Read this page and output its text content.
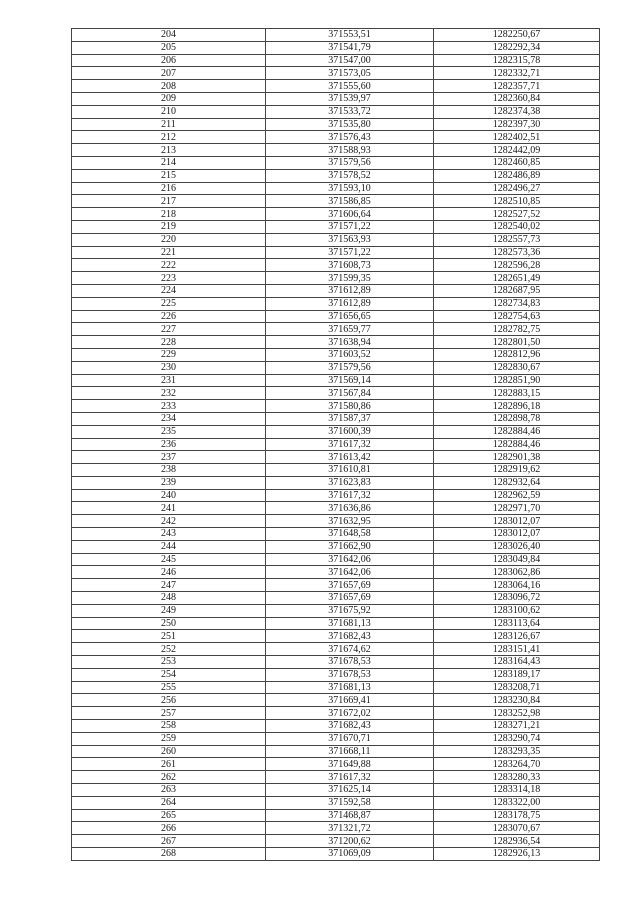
204	371553,51	1282250,67
205	371541,79	1282292,34
206	371547,00	1282315,78
207	371573,05	1282332,71
208	371555,60	1282357,71
209	371539,97	1282360,84
210	371533,72	1282374,38
211	371535,80	1282397,30
212	371576,43	1282402,51
213	371588,93	1282442,09
214	371579,56	1282460,85
215	371578,52	1282486,89
216	371593,10	1282496,27
217	371586,85	1282510,85
218	371606,64	1282527,52
219	371571,22	1282540,02
220	371563,93	1282557,73
221	371571,22	1282573,36
222	371608,73	1282596,28
223	371599,35	1282651,49
224	371612,89	1282687,95
225	371612,89	1282734,83
226	371656,65	1282754,63
227	371659,77	1282782,75
228	371638,94	1282801,50
229	371603,52	1282812,96
230	371579,56	1282830,67
231	371569,14	1282851,90
232	371567,84	1282883,15
233	371580,86	1282896,18
234	371587,37	1282898,78
235	371600,39	1282884,46
236	371617,32	1282884,46
237	371613,42	1282901,38
238	371610,81	1282919,62
239	371623,83	1282932,64
240	371617,32	1282962,59
241	371636,86	1282971,70
242	371632,95	1283012,07
243	371648,58	1283012,07
244	371662,90	1283026,40
245	371642,06	1283049,84
246	371642,06	1283062,86
247	371657,69	1283064,16
248	371657,69	1283096,72
249	371675,92	1283100,62
250	371681,13	1283113,64
251	371682,43	1283126,67
252	371674,62	1283151,41
253	371678,53	1283164,43
254	371678,53	1283189,17
255	371681,13	1283208,71
256	371669,41	1283230,84
257	371672,02	1283252,98
258	371682,43	1283271,21
259	371670,71	1283290,74
260	371668,11	1283293,35
261	371649,88	1283264,70
262	371617,32	1283280,33
263	371625,14	1283314,18
264	371592,58	1283322,00
265	371468,87	1283178,75
266	371321,72	1283070,67
267	371200,62	1282936,54
268	371069,09	1282926,13
